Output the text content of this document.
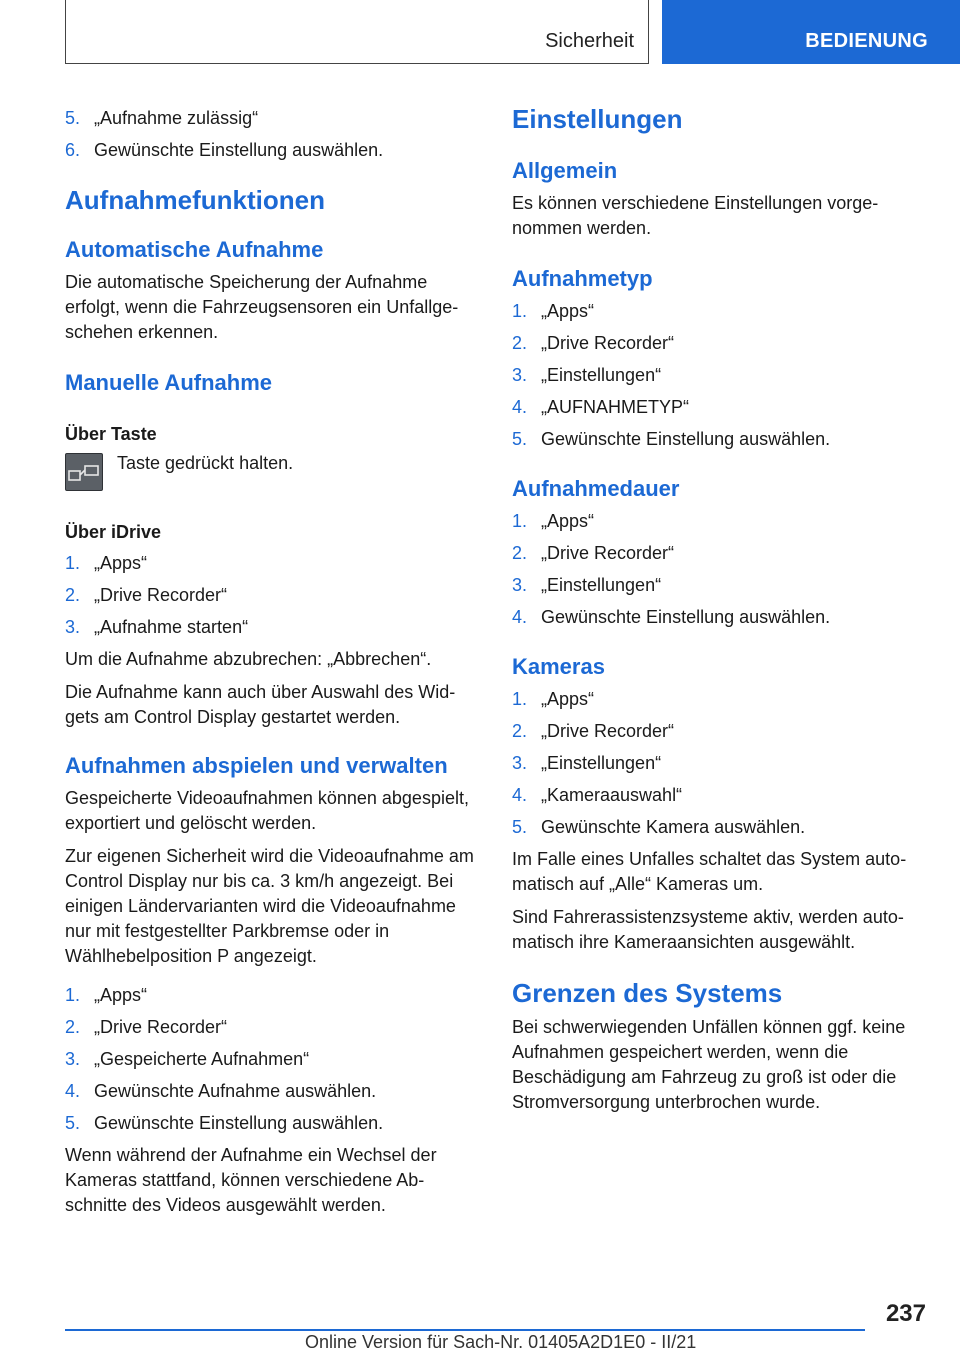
Sicherheit	BEDIENUNG
5. „Aufnahme zulässig“
6. Gewünschte Einstellung auswählen.
Aufnahmefunktionen
Automatische Aufnahme

Die automatische Speicherung der Aufnahme erfolgt, wenn die Fahrzeugsensoren ein Unfallgeschehen erkennen.

Manuelle Aufnahme
Über Taste

Taste gedrückt halten.

Über iDrive
1. „Apps“
2. „Drive Recorder“
3. „Aufnahme starten“

Um die Aufnahme abzubrechen: „Abbrechen“.

Die Aufnahme kann auch über Auswahl des Widgets am Control Display gestartet werden.

Aufnahmen abspielen und verwalten

Gespeicherte Videoaufnahmen können abgespielt, exportiert und gelöscht werden.

Zur eigenen Sicherheit wird die Videoaufnahme am Control Display nur bis ca. 3 km/h angezeigt. Bei einigen Ländervarianten wird die Videoaufnahme nur mit festgestellter Parkbremse oder in Wählhebelposition P angezeigt.

1. „Apps“
2. „Drive Recorder“
3. „Gespeicherte Aufnahmen“
4. Gewünschte Aufnahme auswählen.
5. Gewünschte Einstellung auswählen.

Wenn während der Aufnahme ein Wechsel der Kameras stattfand, können verschiedene Abschnitte des Videos ausgewählt werden.

Einstellungen
Allgemein

Es können verschiedene Einstellungen vorgenommen werden.

Aufnahmetyp
1. „Apps“
2. „Drive Recorder“
3. „Einstellungen“
4. „AUFNAHMETYP“
5. Gewünschte Einstellung auswählen.
Aufnahmedauer
1. „Apps“
2. „Drive Recorder“
3. „Einstellungen“
4. Gewünschte Einstellung auswählen.
Kameras
1. „Apps“
2. „Drive Recorder“
3. „Einstellungen“
4. „Kameraauswahl“
5. Gewünschte Kamera auswählen.

Im Falle eines Unfalles schaltet das System automatisch auf „Alle“ Kameras um.

Sind Fahrerassistenzsysteme aktiv, werden automatisch ihre Kameraansichten ausgewählt.

Grenzen des Systems

Bei schwerwiegenden Unfällen können ggf. keine Aufnahmen gespeichert werden, wenn die Beschädigung am Fahrzeug zu groß ist oder die Stromversorgung unterbrochen wurde.

237
Online Version für Sach-Nr. 01405A2D1E0 - II/21
